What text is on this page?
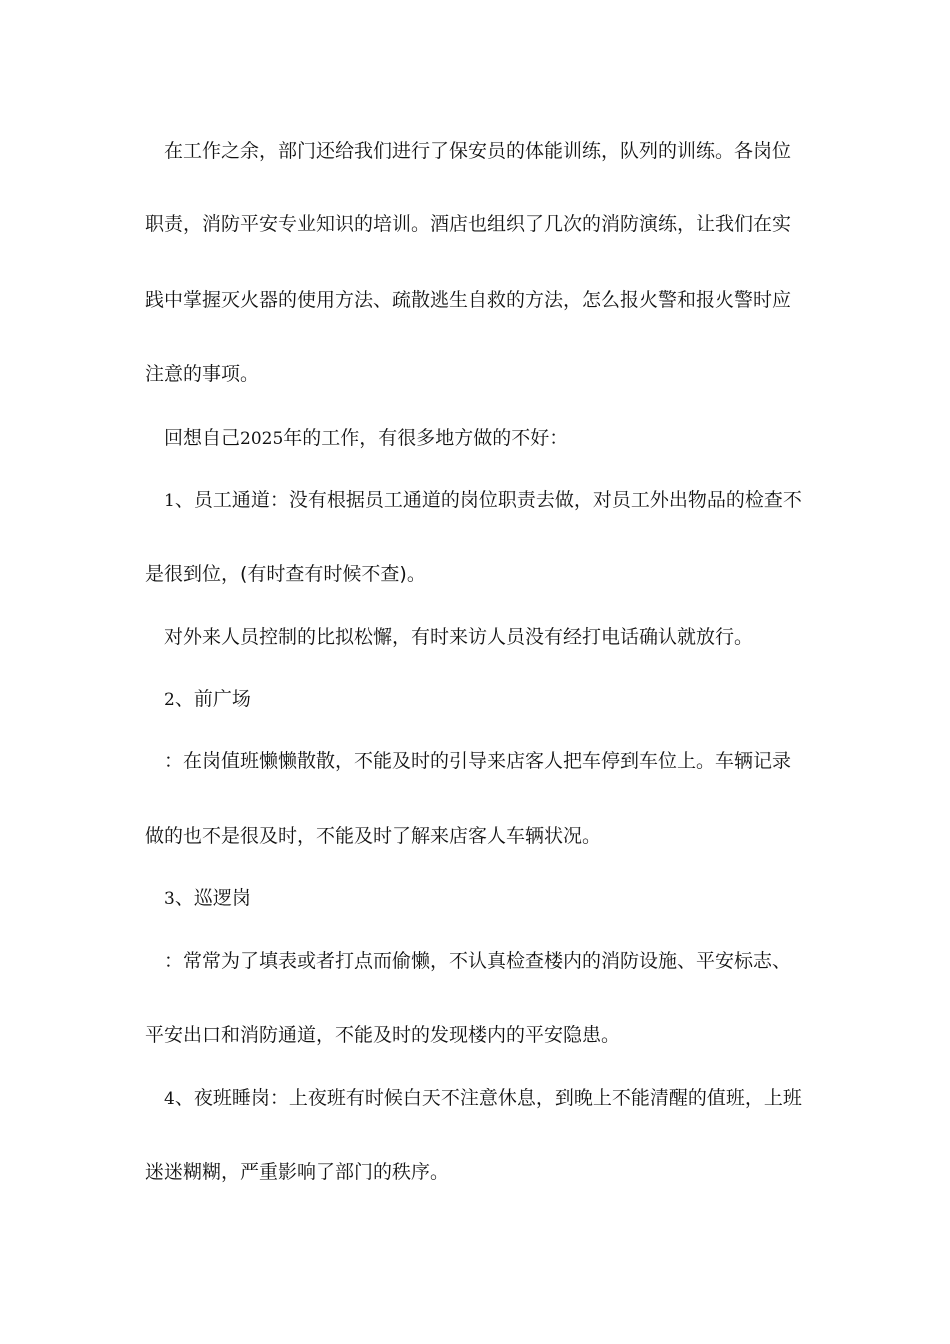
在工作之余，部门还给我们进行了保安员的体能训练，队列的训练。各岗位
职责，消防平安专业知识的培训。酒店也组织了几次的消防演练，让我们在实
践中掌握灭火器的使用方法、疏散逃生自救的方法，怎么报火警和报火警时应
注意的事项。
回想自己2025年的工作，有很多地方做的不好：
1、员工通道：没有根据员工通道的岗位职责去做，对员工外出物品的检查不
是很到位，(有时查有时候不查)。
对外来人员控制的比拟松懈，有时来访人员没有经打电话确认就放行。
2、前广场
：在岗值班懒懒散散，不能及时的引导来店客人把车停到车位上。车辆记录
做的也不是很及时，不能及时了解来店客人车辆状况。
3、巡逻岗
：常常为了填表或者打点而偷懒，不认真检查楼内的消防设施、平安标志、
平安出口和消防通道，不能及时的发现楼内的平安隐患。
4、夜班睡岗：上夜班有时候白天不注意休息，到晚上不能清醒的值班，上班
迷迷糊糊，严重影响了部门的秩序。
